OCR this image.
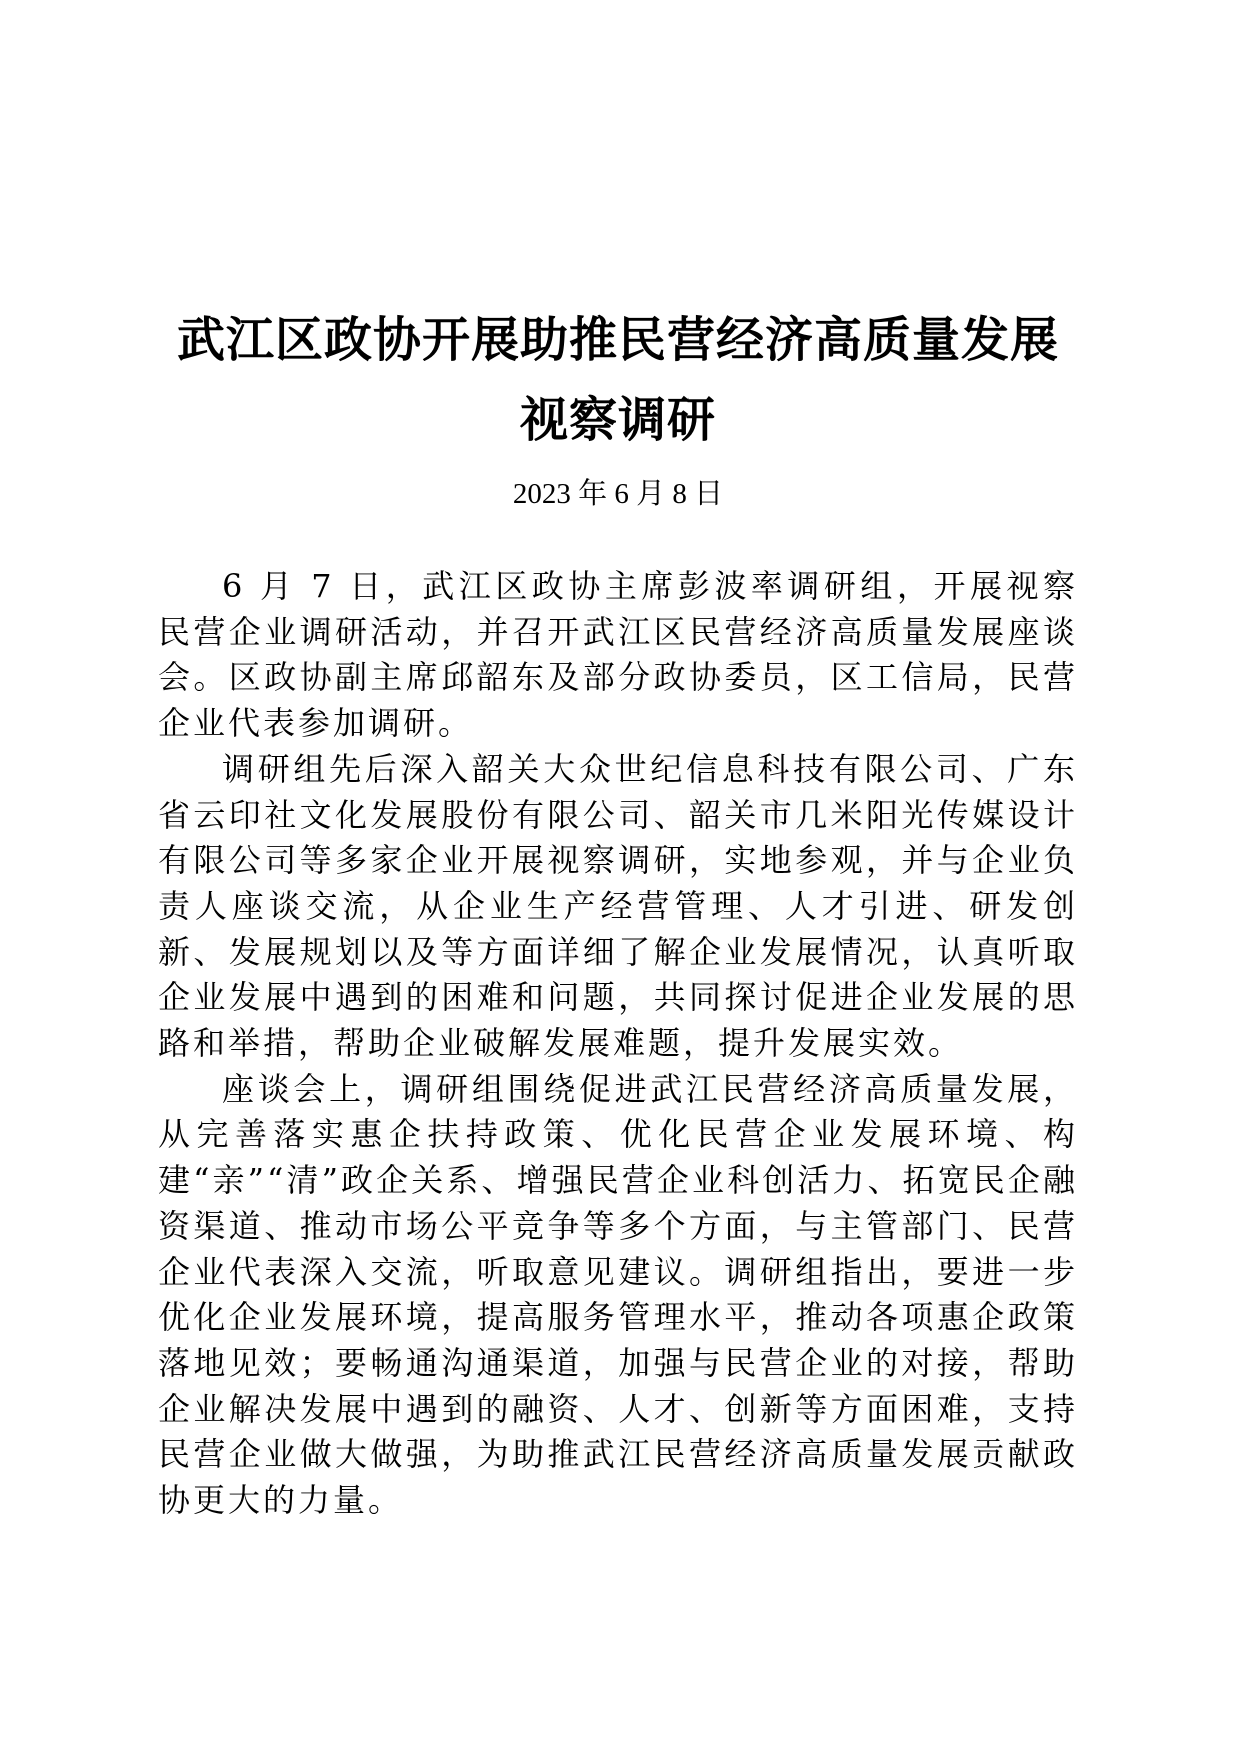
武江区政协开展助推民营经济高质量发展视察调研
2023 年 6 月 8 日

6 月 7 日，武江区政协主席彭波率调研组，开展视察民营企业调研活动，并召开武江区民营经济高质量发展座谈会。区政协副主席邱韶东及部分政协委员，区工信局，民营企业代表参加调研。

调研组先后深入韶关大众世纪信息科技有限公司、广东省云印社文化发展股份有限公司、韶关市几米阳光传媒设计有限公司等多家企业开展视察调研，实地参观，并与企业负责人座谈交流，从企业生产经营管理、人才引进、研发创新、发展规划以及等方面详细了解企业发展情况，认真听取企业发展中遇到的困难和问题，共同探讨促进企业发展的思路和举措，帮助企业破解发展难题，提升发展实效。

座谈会上，调研组围绕促进武江民营经济高质量发展，从完善落实惠企扶持政策、优化民营企业发展环境、构建“亲”“清”政企关系、增强民营企业科创活力、拓宽民企融资渠道、推动市场公平竞争等多个方面，与主管部门、民营企业代表深入交流，听取意见建议。调研组指出，要进一步优化企业发展环境，提高服务管理水平，推动各项惠企政策落地见效；要畅通沟通渠道，加强与民营企业的对接，帮助企业解决发展中遇到的融资、人才、创新等方面困难，支持民营企业做大做强，为助推武江民营经济高质量发展贡献政协更大的力量。
